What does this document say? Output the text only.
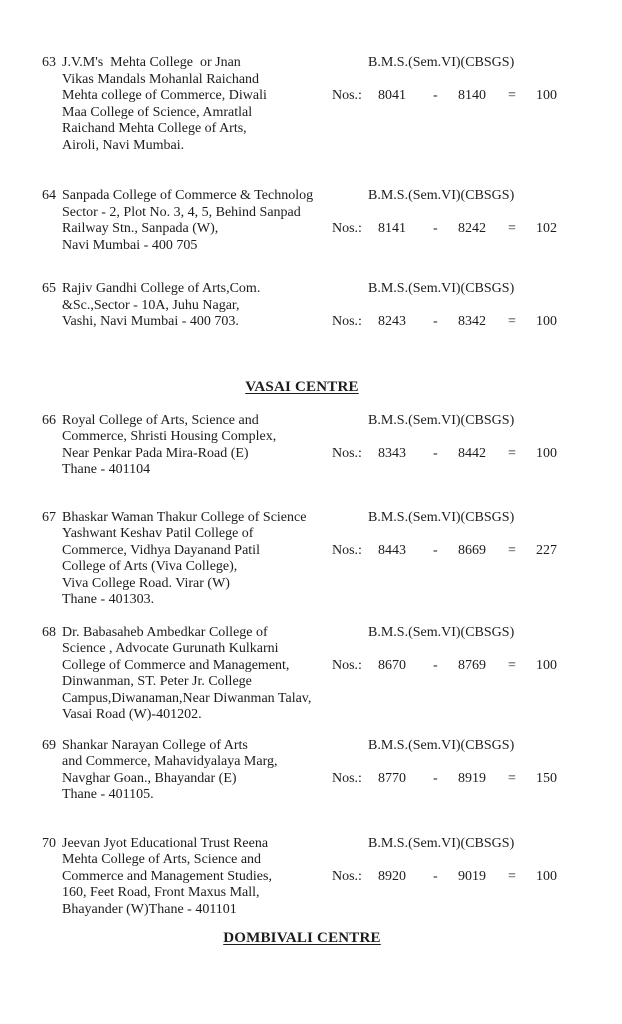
63 J.V.M's  Mehta College  or Jnan
Vikas Mandals Mohanlal Raichand
Mehta college of Commerce, Diwali
Maa College of Science, Amratlal
Raichand Mehta College of Arts,
Airoli, Navi Mumbai.
B.M.S.(Sem.VI)(CBSGS)
Nos.:	8041	-	8140	=	100
64 Sanpada College of Commerce & Technolog
Sector - 2, Plot No. 3, 4, 5, Behind Sanpad
Railway Stn., Sanpada (W),
Navi Mumbai - 400 705
B.M.S.(Sem.VI)(CBSGS)
Nos.:	8141	-	8242	=	102
65 Rajiv Gandhi College of Arts,Com.
&Sc.,Sector - 10A, Juhu Nagar,
Vashi, Navi Mumbai - 400 703.
B.M.S.(Sem.VI)(CBSGS)
Nos.:	8243	-	8342	=	100
VASAI CENTRE
66 Royal College of Arts, Science and
Commerce, Shristi Housing Complex,
Near Penkar Pada Mira-Road (E)
Thane - 401104
B.M.S.(Sem.VI)(CBSGS)
Nos.:	8343	-	8442	=	100
67 Bhaskar Waman Thakur College of Science
Yashwant Keshav Patil College of
Commerce, Vidhya Dayanand Patil
College of Arts (Viva College),
Viva College Road. Virar (W)
Thane - 401303.
B.M.S.(Sem.VI)(CBSGS)
Nos.:	8443	-	8669	=	227
68 Dr. Babasaheb Ambedkar College of
Science , Advocate Gurunath Kulkarni
College of Commerce and Management,
Dinwanman, ST. Peter Jr. College
Campus,Diwanaman,Near Diwanman Talav,
Vasai Road (W)-401202.
B.M.S.(Sem.VI)(CBSGS)
Nos.:	8670	-	8769	=	100
69 Shankar Narayan College of Arts
and Commerce, Mahavidyalaya Marg,
Navghar Goan., Bhayandar (E)
Thane - 401105.
B.M.S.(Sem.VI)(CBSGS)
Nos.:	8770	-	8919	=	150
70 Jeevan Jyot Educational Trust Reena
Mehta College of Arts, Science and
Commerce and Management Studies,
160, Feet Road, Front Maxus Mall,
Bhayander (W)Thane - 401101
B.M.S.(Sem.VI)(CBSGS)
Nos.:	8920	-	9019	=	100
DOMBIVALI CENTRE
